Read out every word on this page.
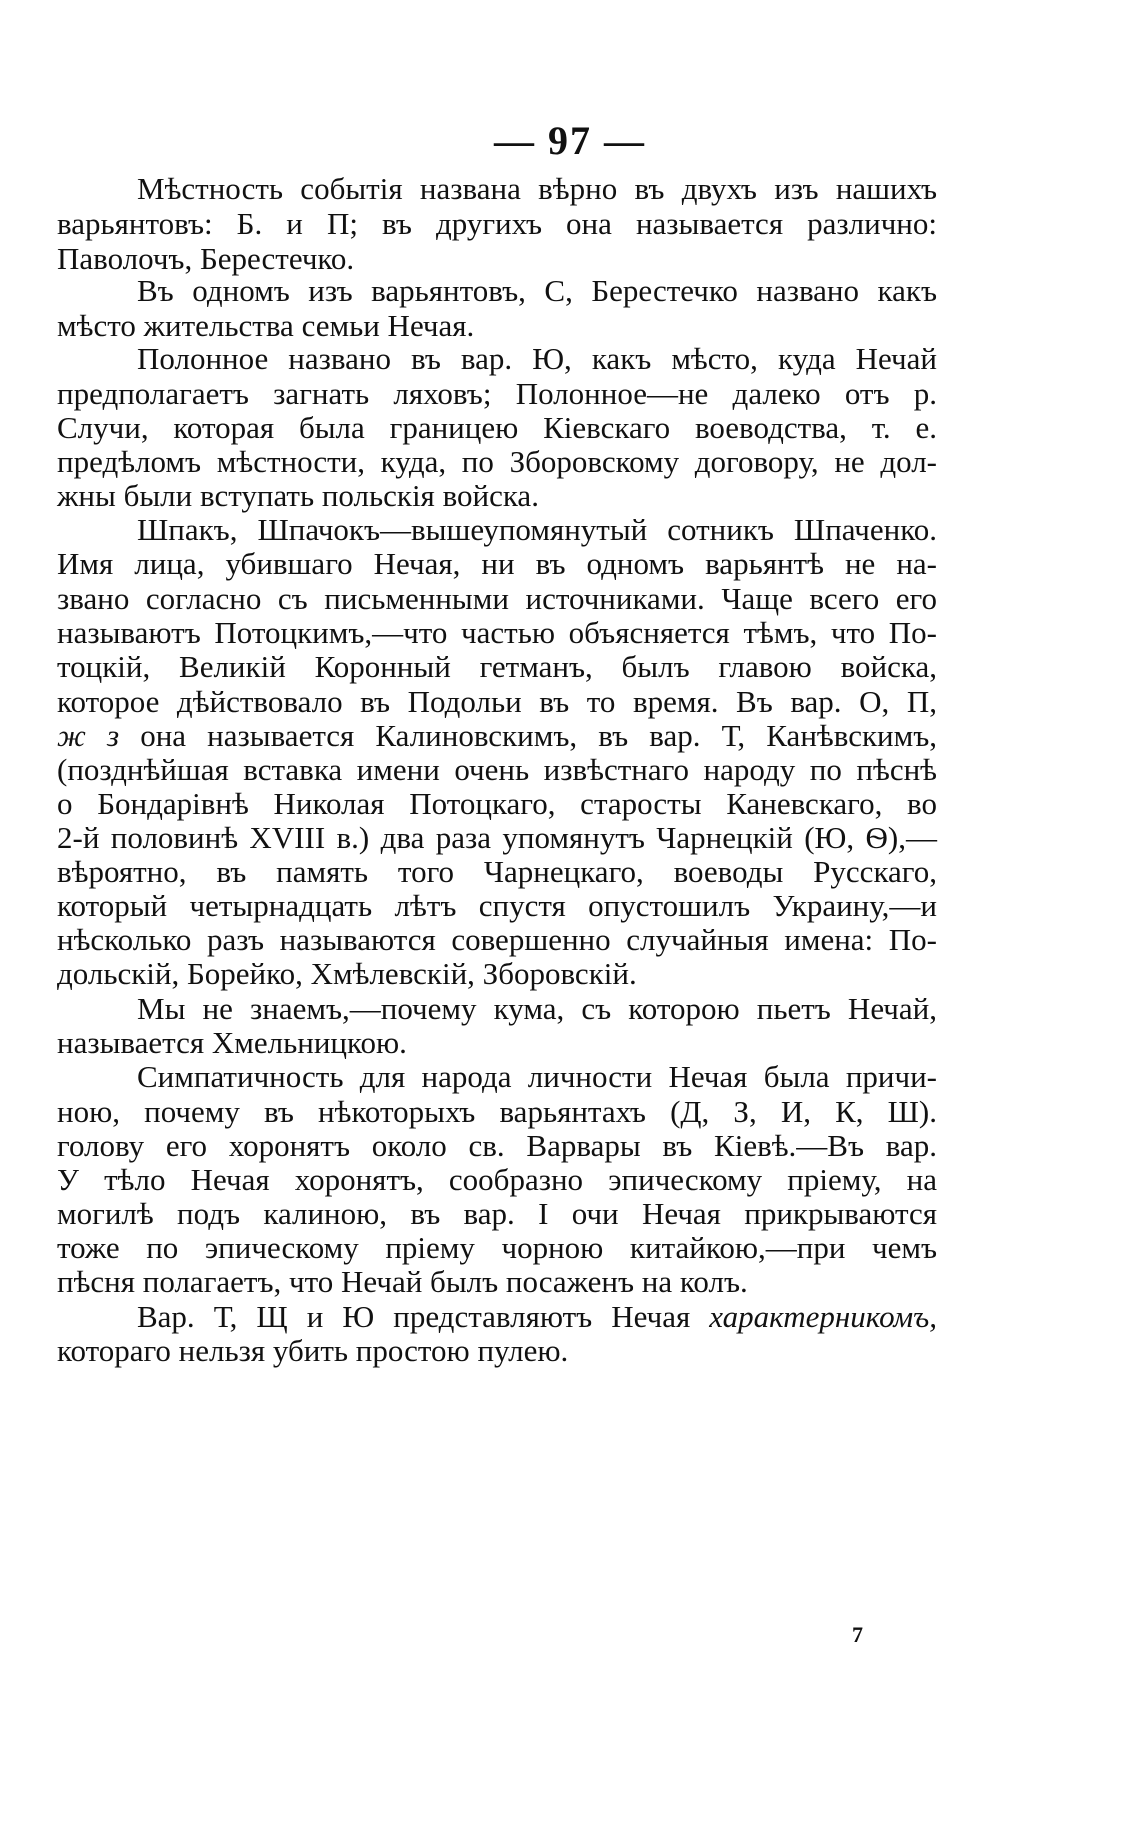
— 97 —
Мѣстность событія названа вѣрно въ двухъ изъ нашихъ
варьянтовъ: Б. и П; въ другихъ она называется различно:
Паволочъ, Берестечко.
Въ одномъ изъ варьянтовъ, С, Берестечко названо какъ
мѣсто жительства семьи Нечая.
Полонное названо въ вар. Ю, какъ мѣсто, куда Нечай
предполагаетъ загнать ляховъ; Полонное—не далеко отъ р.
Случи, которая была границею Кіевскаго воеводства, т. е.
предѣломъ мѣстности, куда, по Зборовскому договору, не дол-
жны были вступать польскія войска.
Шпакъ, Шпачокъ—вышеупомянутый сотникъ Шпаченко.
Имя лица, убившаго Нечая, ни въ одномъ варьянтѣ не на-
звано согласно съ письменными источниками. Чаще всего его
называютъ Потоцкимъ,—что частью объясняется тѣмъ, что По-
тоцкій, Великій Коронный гетманъ, былъ главою войска,
которое дѣйствовало въ Подольи въ то время. Въ вар. О, П,
ж з она называется Калиновскимъ, въ вар. Т, Канѣвскимъ,
(позднѣйшая вставка имени очень извѣстнаго народу по пѣснѣ
о Бондарівнѣ Николая Потоцкаго, старосты Каневскаго, во
2-й половинѣ XVIII в.) два раза упомянутъ Чарнецкій (Ю, Ѳ),—
вѣроятно, въ память того Чарнецкаго, воеводы Русскаго,
который четырнадцать лѣтъ спустя опустошилъ Украину,—и
нѣсколько разъ называются совершенно случайныя имена: По-
дольскій, Борейко, Хмѣлевскій, Зборовскій.
Мы не знаемъ,—почему кума, съ которою пьетъ Нечай,
называется Хмельницкою.
Симпатичность для народа личности Нечая была причи-
ною, почему въ нѣкоторыхъ варьянтахъ (Д, З, И, К, Ш).
голову его хоронятъ около св. Варвары въ Кіевѣ.—Въ вар.
У тѣло Нечая хоронятъ, сообразно эпическому пріему, на
могилѣ подъ калиною, въ вар. І очи Нечая прикрываются
тоже по эпическому пріему чорною китайкою,—при чемъ
пѣсня полагаетъ, что Нечай былъ посаженъ на колъ.
Вар. Т, Щ и Ю представляютъ Нечая характерникомъ,
котораго нельзя убить простою пулею.
7
